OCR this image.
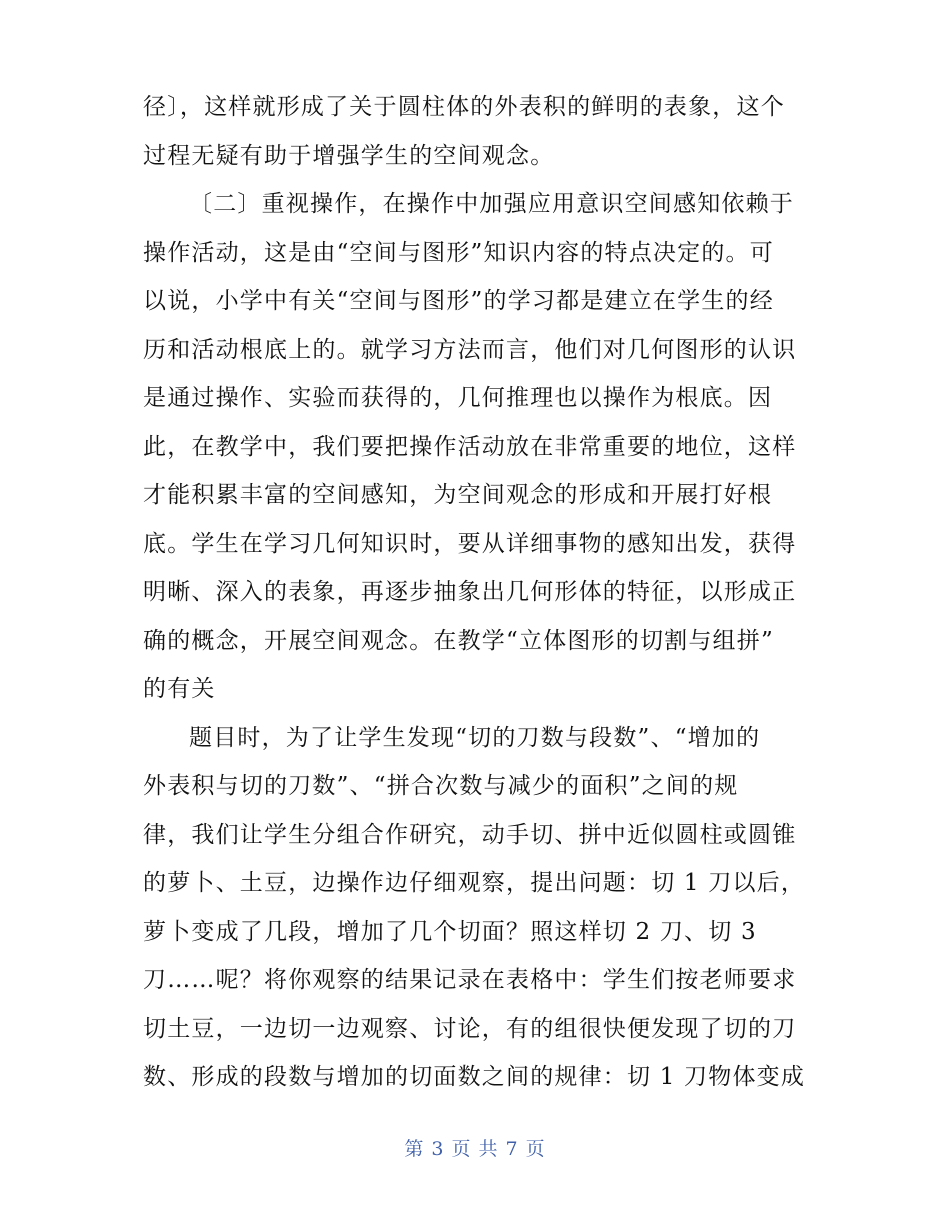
径〕，这样就形成了关于圆柱体的外表积的鲜明的表象，这个
过程无疑有助于增强学生的空间观念。
〔二〕重视操作，在操作中加强应用意识空间感知依赖于
操作活动，这是由“空间与图形”知识内容的特点决定的。可
以说，小学中有关“空间与图形”的学习都是建立在学生的经
历和活动根底上的。就学习方法而言，他们对几何图形的认识
是通过操作、实验而获得的，几何推理也以操作为根底。因
此，在教学中，我们要把操作活动放在非常重要的地位，这样
才能积累丰富的空间感知，为空间观念的形成和开展打好根
底。学生在学习几何知识时，要从详细事物的感知出发，获得
明晰、深入的表象，再逐步抽象出几何形体的特征，以形成正
确的概念，开展空间观念。在教学“立体图形的切割与组拼”
的有关
题目时，为了让学生发现“切的刀数与段数”、“增加的
外表积与切的刀数”、“拼合次数与减少的面积”之间的规
律，我们让学生分组合作研究，动手切、拼中近似圆柱或圆锥
的萝卜、土豆，边操作边仔细观察，提出问题：切 1 刀以后，
萝卜变成了几段，增加了几个切面？照这样切 2 刀、切 3
刀……呢？将你观察的结果记录在表格中：学生们按老师要求
切土豆，一边切一边观察、讨论，有的组很快便发现了切的刀
数、形成的段数与增加的切面数之间的规律：切 1 刀物体变成
第 3 页 共 7 页
